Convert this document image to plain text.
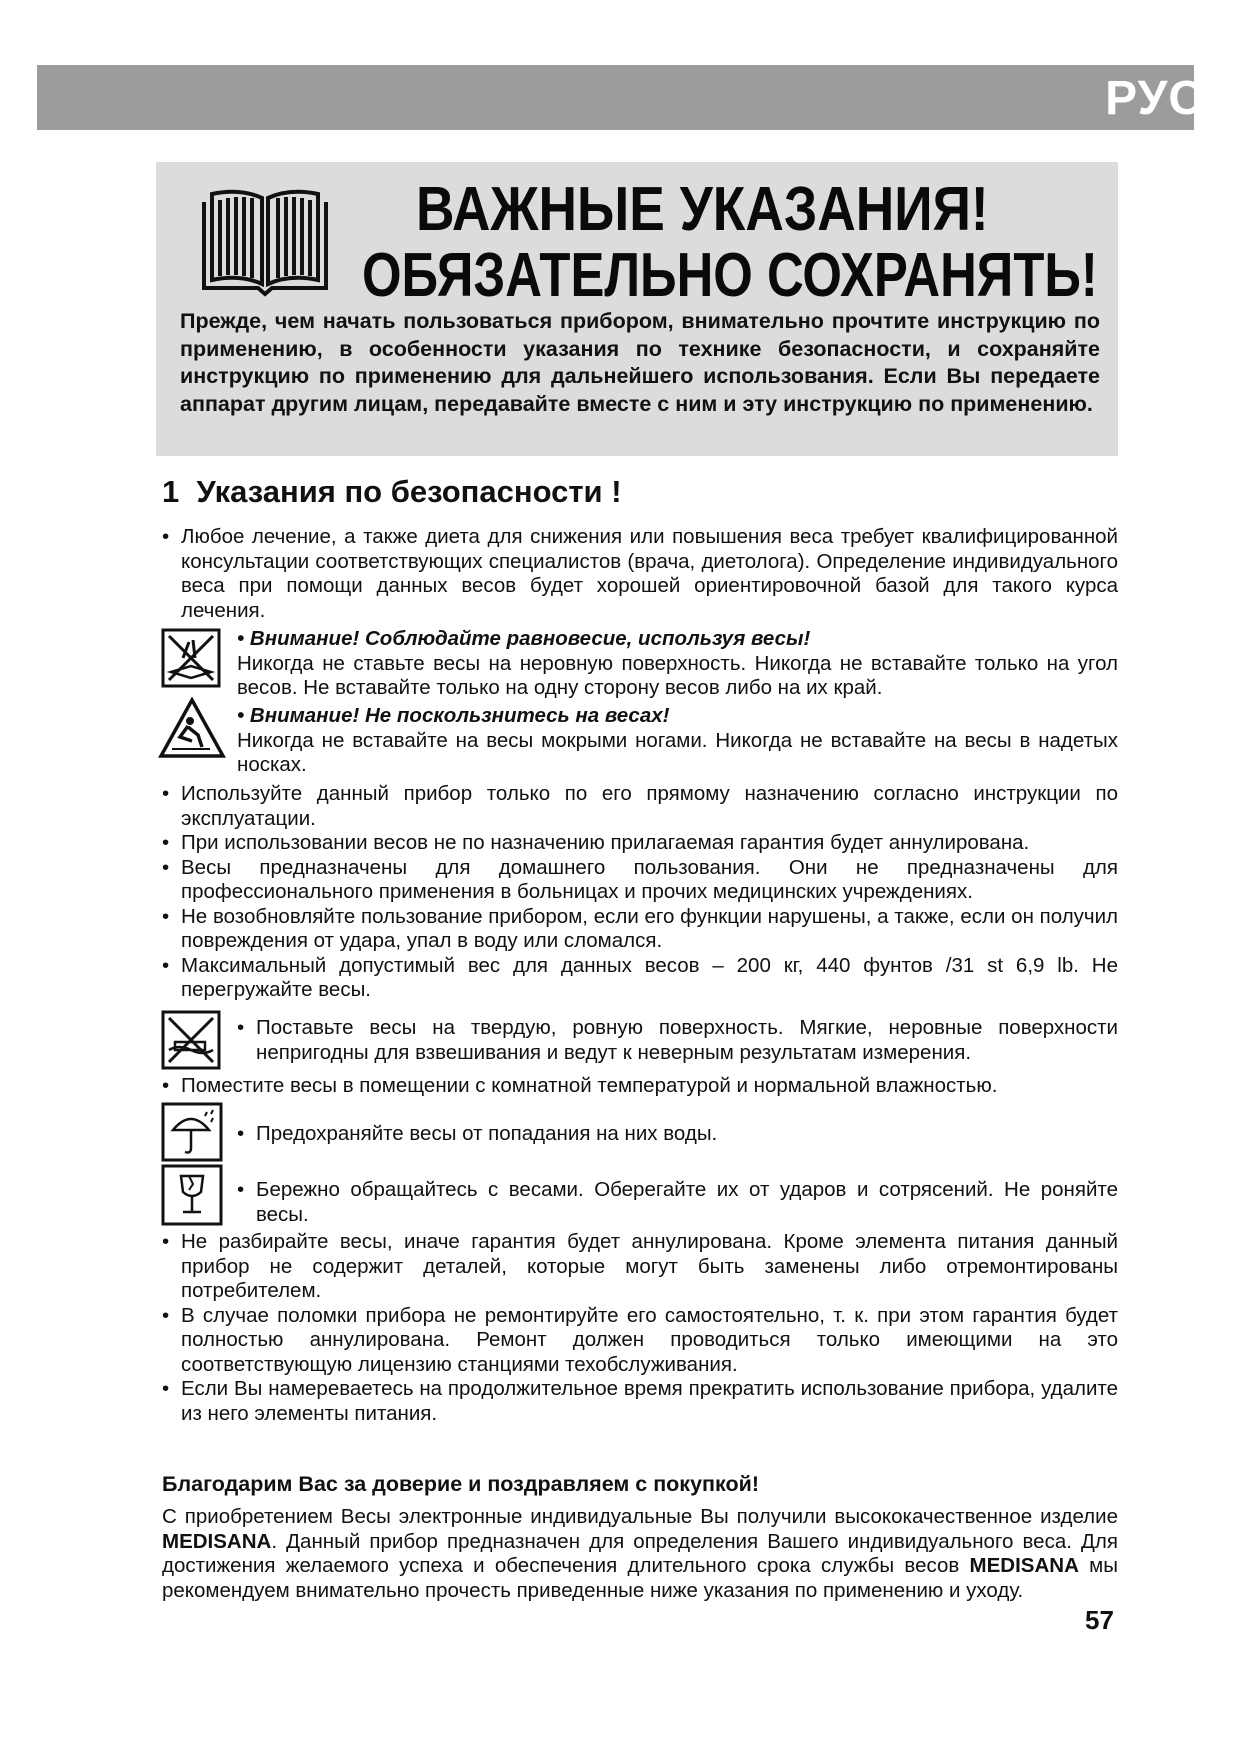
РУС
ВАЖНЫЕ УКАЗАНИЯ!
ОБЯЗАТЕЛЬНО СОХРАНЯТЬ!
Прежде, чем начать пользоваться прибором, внимательно прочтите инструкцию по применению, в особенности указания по технике безопасности, и сохраняйте инструкцию по применению для дальнейшего использования. Если Вы передаете аппарат другим лицам, передавайте вместе с ним и эту инструкцию по применению.
1 Указания по безопасности !
• Любое лечение, а также диета для снижения или повышения веса требует квалифицированной консультации соответствующих специалистов (врача, диетолога). Определение индивидуального веса при помощи данных весов будет хорошей ориентировочной базой для такого курса лечения.
• Внимание! Соблюдайте равновесие, используя весы!
Никогда не ставьте весы на неровную поверхность. Никогда не вставайте только на угол весов. Не вставайте только на одну сторону весов либо на их край.
• Внимание! Не поскользнитесь на весах!
Никогда не вставайте на весы мокрыми ногами. Никогда не вставайте на весы в надетых носках.
• Используйте данный прибор только по его прямому назначению согласно инструкции по эксплуатации.
• При использовании весов не по назначению прилагаемая гарантия будет аннулирована.
• Весы предназначены для домашнего пользования. Они не предназначены для профессионального применения в больницах и прочих медицинских учреждениях.
• Не возобновляйте пользование прибором, если его функции нарушены, а также, если он получил повреждения от удара, упал в воду или сломался.
• Максимальный допустимый вес для данных весов – 200 кг, 440 фунтов /31 st 6,9 lb. Не перегружайте весы.
• Поставьте весы на твердую, ровную поверхность. Мягкие, неровные поверхности непригодны для взвешивания и ведут к неверным результатам измерения.
• Поместите весы в помещении с комнатной температурой и нормальной влажностью.
• Предохраняйте весы от попадания на них воды.
• Бережно обращайтесь с весами. Оберегайте их от ударов и сотрясений. Не роняйте весы.
• Не разбирайте весы, иначе гарантия будет аннулирована. Кроме элемента питания данный прибор не содержит деталей, которые могут быть заменены либо отремонтированы потребителем.
• В случае поломки прибора не ремонтируйте его самостоятельно, т. к. при этом гарантия будет полностью аннулирована. Ремонт должен проводиться только имеющими на это соответствующую лицензию станциями техобслуживания.
• Если Вы намереваетесь на продолжительное время прекратить использование прибора, удалите из него элементы питания.
Благодарим Вас за доверие и поздравляем с покупкой!
С приобретением Весы электронные индивидуальные Вы получили высококачественное изделие MEDISANA. Данный прибор предназначен для определения Вашего индивидуального веса. Для достижения желаемого успеха и обеспечения длительного срока службы весов MEDISANA мы рекомендуем внимательно прочесть приведенные ниже указания по применению и уходу.
57
